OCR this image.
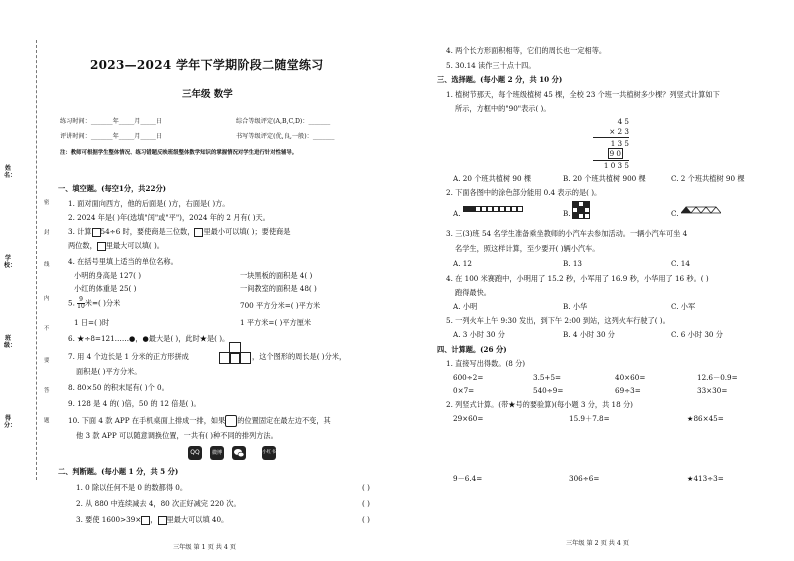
2023—2024 学年下学期阶段二随堂练习
三年级 数学
练习时间：_______年_____月_____日	综合等级评定(A,B,C,D)：_______
评讲时间：_______年_____月_____日	书写等级评定(优,良,一般)：_______
注：教师可根据学生整体情况、练习错题反映班级整体数学知识的掌握情况对学生进行针对性辅导。
姓名：
学校：
班级：
得分：
密
封
线
内
不
要
答
题
一、填空题。(每空1分，共22分)
1. 面对面向西方，他的后面是( )方，右面是( )方。
2. 2024 年是( )年(选填"闰"或"平")，2024 年的 2 月有( )天。
3. 计算 54÷6 时，要使商是三位数， 里最小可以填( )；要使商是
两位数， 里最大可以填( )。
4. 在括号里填上适当的单位名称。
小明的身高是 127( )	一块黑板的面积是 4( )
小红的体重是 25( )	一间教室的面积是 48( )
5. $\frac{9}{10}$ 米=( )分米	700 平方分米=( )平方米
1 日=( )时	1 平方米=( )平方厘米
6. ★÷8=121……●，●最大是( )，此时★是( )。
7. 用 4 个边长是 1 分米的正方形拼成	，这个图形的周长是( )分米，
面积是( )平方分米。
8. 80×50 的积末尾有( )个 0。
9. 128 是 4 的( )倍，50 的 12 倍是( )。
10. 下面 4 款 APP 在手机桌面上排成一排，如果 的位置固定在最左边不变，其
他 3 款 APP 可以随意调换位置，一共有( )种不同的排列方法。
QQ	微博	小红书
二、判断题。(每小题 1 分，共 5 分)
1. 0 除以任何不是 0 的数都得 0。	( )
2. 从 880 中连续减去 4，80 次正好减完 220 次。	( )
3. 要使 1600>39× ， 里最大可以填 40。	( )
三年级 第 1 页 共 4 页
4. 两个长方形面积相等，它们的周长也一定相等。
5. 30.14 读作三十点十四。
三、选择题。(每小题 2 分，共 10 分)
1. 植树节那天，每个班级植树 45 棵，全校 23 个班一共植树多少棵？列竖式计算如下
所示，方框中的"90"表示( )。
4 5
× 2 3
1 3 5
9 0
1 0 3 5
A. 20 个班共植树 90 棵	B. 20 个班共植树 900 棵	C. 2 个班共植树 90 棵
2. 下面各图中的涂色部分能用 0.4 表示的是( )。
A.	B.	C.
3. 三(3)班 54 名学生准备乘坐教师的小汽车去参加活动。一辆小汽车可坐 4
名学生，照这样计算，至少要开( )辆小汽车。
A. 12	B. 13	C. 14
4. 在 100 米赛跑中，小明用了 15.2 秒，小军用了 16.9 秒，小华用了 16 秒。( )
跑得最快。
A. 小明	B. 小华	C. 小军
5. 一列火车上午 9:30 发出，到下午 2:00 到站，这列火车行驶了( )。
A. 3 小时 30 分	B. 4 小时 30 分	C. 6 小时 30 分
四、计算题。(26 分)
1. 直接写出得数。(8 分)
600÷2=	3.5+5=	40×60=	12.6－0.9=
0×7=	540÷9=	69÷3=	33×30=
2. 列竖式计算。(带★号的要验算)(每小题 3 分，共 18 分)
29×60=	15.9＋7.8=	★86×45=
9－6.4=	306÷6=	★413÷3=
三年级 第 2 页 共 4 页
